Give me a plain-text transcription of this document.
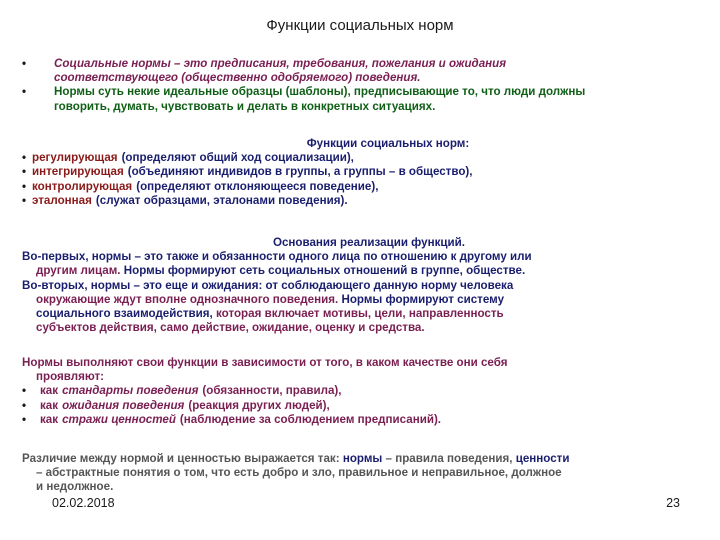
Функции социальных норм
•	Социальные нормы – это предписания, требования, пожелания и ожидания
соответствующего (общественно одобряемого) поведения.
•	Нормы суть некие идеальные образцы (шаблоны), предписывающие то, что люди должны
говорить, думать, чувствовать и делать в конкретных ситуациях.
Функции социальных норм:
• регулирующая (определяют общий ход социализации),
• интегрирующая (объединяют индивидов в группы, а группы – в общество),
• контролирующая (определяют отклоняющееся поведение),
• эталонная (служат образцами, эталонами поведения).
Основания реализации функций.
Во-первых, нормы – это также и обязанности одного лица по отношению к другому или
другим лицам. Нормы формируют сеть социальных отношений в группе, обществе.
Во-вторых, нормы – это еще и ожидания: от соблюдающего данную норму человека
окружающие ждут вполне однозначного поведения. Нормы формируют систему
социального взаимодействия, которая включает мотивы, цели, направленность
субъектов действия, само действие, ожидание, оценку и средства.
Нормы выполняют свои функции в зависимости от того, в каком качестве они себя
проявляют:
•	как стандарты поведения (обязанности, правила),
•	как ожидания поведения (реакция других людей),
•	как стражи ценностей (наблюдение за соблюдением предписаний).
Различие между нормой и ценностью выражается так: нормы – правила поведения, ценности
– абстрактные понятия о том, что есть добро и зло, правильное и неправильное, должное
и недолжное.
02.02.2018	23
